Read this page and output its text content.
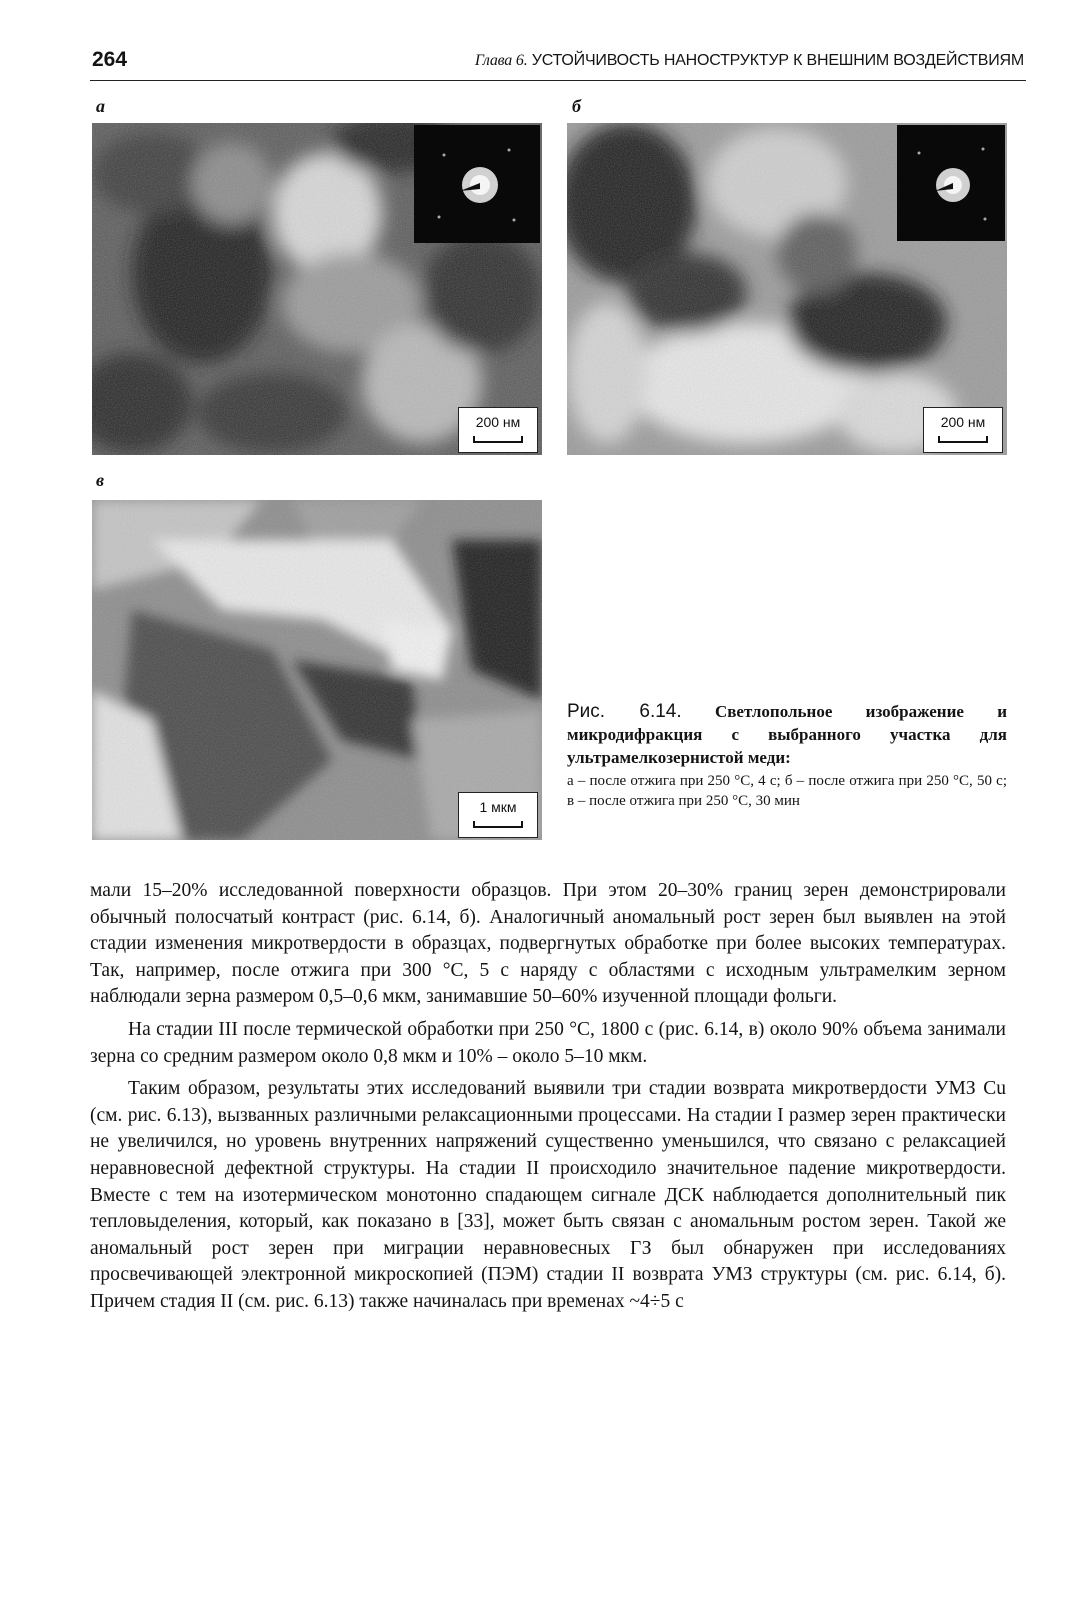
264	Глава 6. УСТОЙЧИВОСТЬ НАНОСТРУКТУР К ВНЕШНИМ ВОЗДЕЙСТВИЯМ
а
200 нм
б
200 нм
в
1 мкм

Рис. 6.14. Светлопольное изображение и микродифракция с выбранного участка для ультрамелкозернистой меди:

а – после отжига при 250 °С, 4 с; б – после отжига при 250 °С, 50 с; в – после отжига при 250 °С, 30 мин

мали 15–20% исследованной поверхности образцов. При этом 20–30% границ зерен демонстрировали обычный полосчатый контраст (рис. 6.14, б). Аналогичный аномальный рост зерен был выявлен на этой стадии изменения микротвердости в образцах, подвергнутых обработке при более высоких температурах. Так, например, после отжига при 300 °С, 5 с наряду с областями с исходным ультрамелким зерном наблюдали зерна размером 0,5–0,6 мкм, занимавшие 50–60% изученной площади фольги.

На стадии III после термической обработки при 250 °С, 1800 с (рис. 6.14, в) около 90% объема занимали зерна со средним размером около 0,8 мкм и 10% – около 5–10 мкм.

Таким образом, результаты этих исследований выявили три стадии возврата микротвердости УМЗ Cu (см. рис. 6.13), вызванных различными релаксационными процессами. На стадии I размер зерен практически не увеличился, но уровень внутренних напряжений существенно уменьшился, что связано с релаксацией неравновесной дефектной структуры. На стадии II происходило значительное падение микротвердости. Вместе с тем на изотермическом монотонно спадающем сигнале ДСК наблюдается дополнительный пик тепловыделения, который, как показано в [33], может быть связан с аномальным ростом зерен. Такой же аномальный рост зерен при миграции неравновесных ГЗ был обнаружен при исследованиях просвечивающей электронной микроскопией (ПЭМ) стадии II возврата УМЗ структуры (см. рис. 6.14, б). Причем стадия II (см. рис. 6.13) также начиналась при временах ~4÷5 с
